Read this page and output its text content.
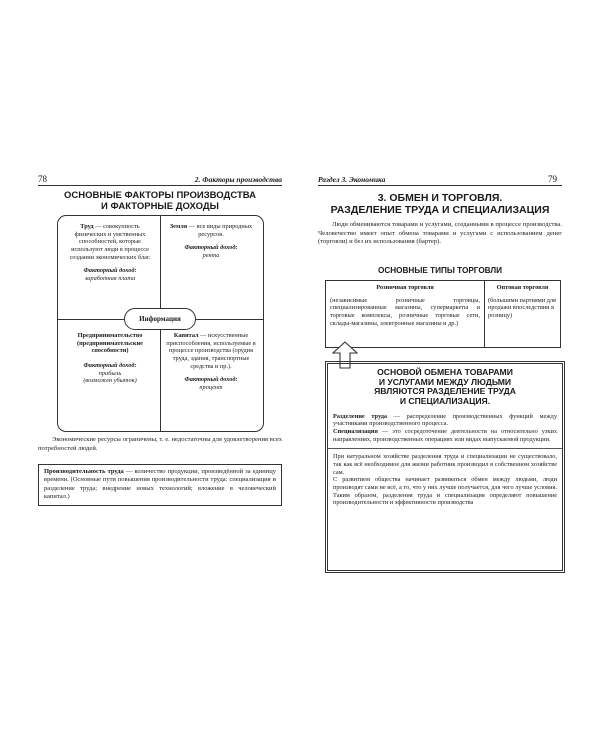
78	2. Факторы производства
ОСНОВНЫЕ ФАКТОРЫ ПРОИЗВОДСТВА
И ФАКТОРНЫЕ ДОХОДЫ
Труд — совокупность физических и умственных способностей, которые используют люди в процессе создании экономических благ.
Факторный доход:
заработная плата
Земля — все виды природных ресурсов.
Факторный доход:
рента
Предпринимательство
(предпринимательские способности)
Факторный доход:
прибыль
(возможен убыток)
Капитал — искусственные приспособления, используемые в процессе производства (орудия труда, здания, транспортные средства и пр.).
Факторный доход:
процент
Информация
Экономические ресурсы ограничены, т. е. недостаточны для удовлетворения всех потребностей людей.
Производительность труда — количество продукции, произведённой за единицу времени. (Основные пути повышения производительности труда: специализация и разделение труда; внедрение новых технологий; вложение в человеческий капитал.)
Раздел 3. Экономика	79
3. ОБМЕН И ТОРГОВЛЯ.
РАЗДЕЛЕНИЕ ТРУДА И СПЕЦИАЛИЗАЦИЯ
Люди обмениваются товарами и услугами, созданными в процессе производства. Человечество имеет опыт обмена товарами и услугами с использованием денег (торговли) и без их использования (бартер).
ОСНОВНЫЕ ТИПЫ ТОРГОВЛИ
Розничная торговля
(независимые розничные торговцы, специализированные магазины, супермаркеты и торговые комплексы, розничные торговые сети, склады-магазины, электронные магазины и др.)
Оптовая торговля
(большими партиями для продажи впоследствии в розницу)
ОСНОВОЙ ОБМЕНА ТОВАРАМИ
И УСЛУГАМИ МЕЖДУ ЛЮДЬМИ
ЯВЛЯЮТСЯ РАЗДЕЛЕНИЕ ТРУДА
И СПЕЦИАЛИЗАЦИЯ.
Разделение труда — распределение производственных функций между участниками производственного процесса.
Специализация — это сосредоточение деятельности на относительно узких направлениях, производственных операциях или видах выпускаемой продукции.
При натуральном хозяйстве разделения труда и специализации не существовало, так как всё необходимое для жизни работник производил в собственном хозяйстве сам.
С развитием общества начинает развиваться обмен между людьми, люди производят сами не всё, а то, что у них лучше получается, для чего лучше условия. Таким образом, разделения труда и специализация определяют повышение производительности и эффективности производства
